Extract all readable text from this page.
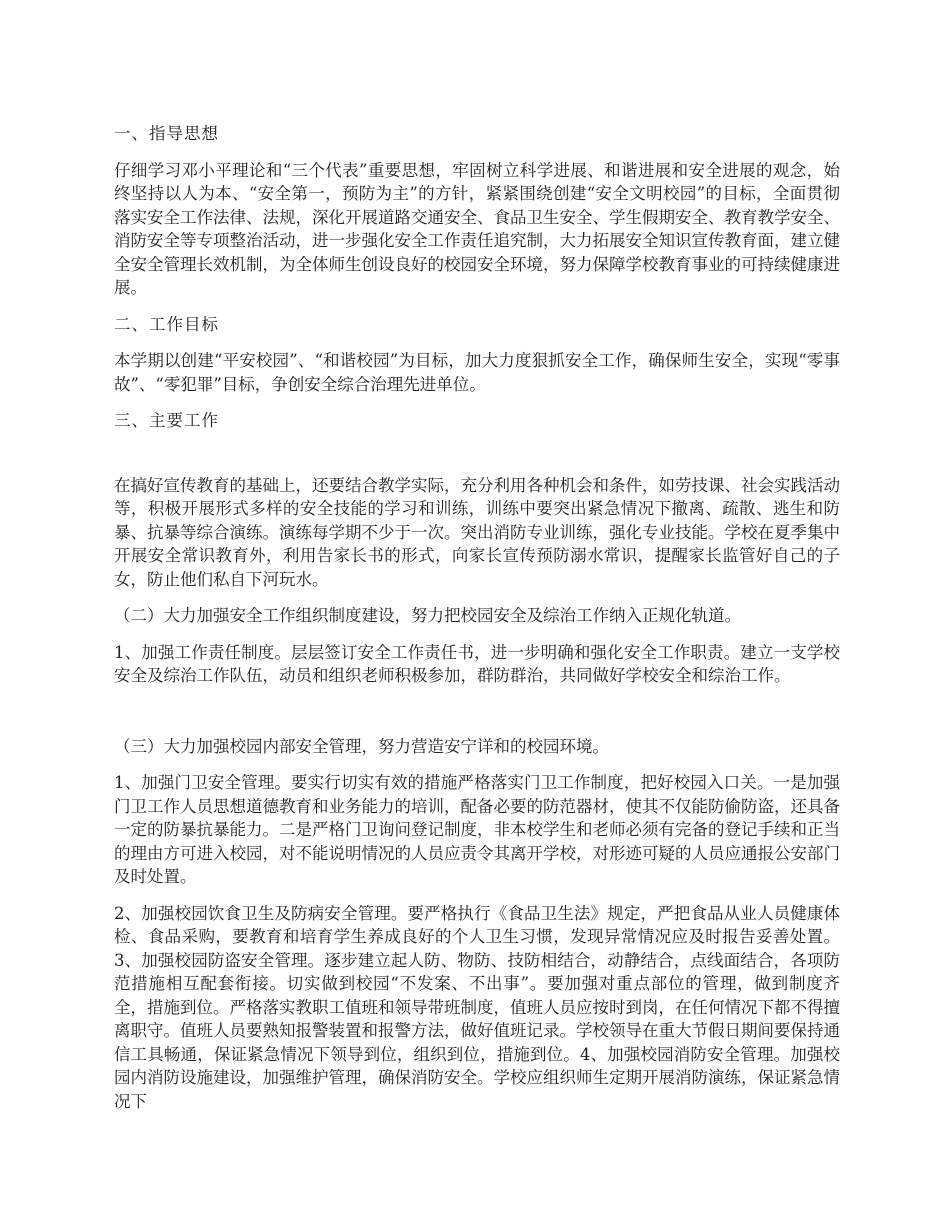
一、指导思想

仔细学习邓小平理论和“三个代表”重要思想，牢固树立科学进展、和谐进展和安全进展的观念，始终坚持以人为本、“安全第一，预防为主”的方针，紧紧围绕创建“安全文明校园”的目标，全面贯彻落实安全工作法律、法规，深化开展道路交通安全、食品卫生安全、学生假期安全、教育教学安全、消防安全等专项整治活动，进一步强化安全工作责任追究制，大力拓展安全知识宣传教育面，建立健全安全管理长效机制，为全体师生创设良好的校园安全环境，努力保障学校教育事业的可持续健康进展。

二、工作目标

本学期以创建“平安校园”、“和谐校园”为目标，加大力度狠抓安全工作，确保师生安全，实现“零事故”、“零犯罪”目标，争创安全综合治理先进单位。

三、主要工作

在搞好宣传教育的基础上，还要结合教学实际，充分利用各种机会和条件，如劳技课、社会实践活动等，积极开展形式多样的安全技能的学习和训练，训练中要突出紧急情况下撤离、疏散、逃生和防暴、抗暴等综合演练。演练每学期不少于一次。突出消防专业训练，强化专业技能。学校在夏季集中开展安全常识教育外，利用告家长书的形式，向家长宣传预防溺水常识，提醒家长监管好自己的子女，防止他们私自下河玩水。

（二）大力加强安全工作组织制度建设，努力把校园安全及综治工作纳入正规化轨道。

1、加强工作责任制度。层层签订安全工作责任书，进一步明确和强化安全工作职责。建立一支学校安全及综治工作队伍，动员和组织老师积极参加，群防群治，共同做好学校安全和综治工作。

（三）大力加强校园内部安全管理，努力营造安宁详和的校园环境。

1、加强门卫安全管理。要实行切实有效的措施严格落实门卫工作制度，把好校园入口关。一是加强门卫工作人员思想道德教育和业务能力的培训，配备必要的防范器材，使其不仅能防偷防盗，还具备一定的防暴抗暴能力。二是严格门卫询问登记制度，非本校学生和老师必须有完备的登记手续和正当的理由方可进入校园，对不能说明情况的人员应责令其离开学校，对形迹可疑的人员应通报公安部门及时处置。

2、加强校园饮食卫生及防病安全管理。要严格执行《食品卫生法》规定，严把食品从业人员健康体检、食品采购，要教育和培育学生养成良好的个人卫生习惯，发现异常情况应及时报告妥善处置。3、加强校园防盗安全管理。逐步建立起人防、物防、技防相结合，动静结合，点线面结合，各项防范措施相互配套衔接。切实做到校园“不发案、不出事”。要加强对重点部位的管理，做到制度齐全，措施到位。严格落实教职工值班和领导带班制度，值班人员应按时到岗，在任何情况下都不得擅离职守。值班人员要熟知报警装置和报警方法，做好值班记录。学校领导在重大节假日期间要保持通信工具畅通，保证紧急情况下领导到位，组织到位，措施到位。4、加强校园消防安全管理。加强校园内消防设施建设，加强维护管理，确保消防安全。学校应组织师生定期开展消防演练，保证紧急情况下
